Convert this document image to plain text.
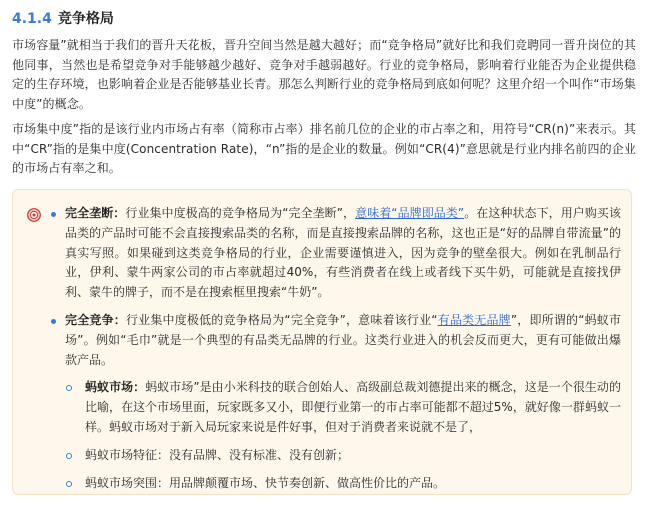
4.1.4 竞争格局

市场容量”就相当于我们的晋升天花板，晋升空间当然是越大越好；而“竞争格局”就好比和我们竞聘同一晋升岗位的其他同事，当然也是希望竞争对手能够越少越好、竞争对手越弱越好。行业的竞争格局，影响着行业能否为企业提供稳定的生存环境，也影响着企业是否能够基业长青。那怎么判断行业的竞争格局到底如何呢？这里介绍一个叫作“市场集中度”的概念。

市场集中度”指的是该行业内市场占有率（简称市占率）排名前几位的企业的市占率之和，用符号“CR(n)”来表示。其中“CR”指的是集中度(Concentration Rate)，“n”指的是企业的数量。例如“CR(4)”意思就是行业内排名前四的企业的市场占有率之和。

完全垄断：行业集中度极高的竞争格局为“完全垄断”，意味着“品牌即品类”。在这种状态下，用户购买该品类的产品时可能不会直接搜索品类的名称，而是直接搜索品牌的名称，这也正是“好的品牌自带流量”的真实写照。如果碰到这类竞争格局的行业，企业需要谨慎进入，因为竞争的壁垒很大。例如在乳制品行业，伊利、蒙牛两家公司的市占率就超过40%，有些消费者在线上或者线下买牛奶，可能就是直接找伊利、蒙牛的牌子，而不是在搜索框里搜索“牛奶”。
完全竞争：行业集中度极低的竞争格局为“完全竞争”，意味着该行业“有品类无品牌”，即所谓的“蚂蚁市场”。例如“毛巾”就是一个典型的有品类无品牌的行业。这类行业进入的机会反而更大，更有可能做出爆款产品。
蚂蚁市场：蚂蚁市场”是由小米科技的联合创始人、高级副总裁刘德提出来的概念，这是一个很生动的比喻，在这个市场里面，玩家既多又小，即便行业第一的市占率可能都不超过5%，就好像一群蚂蚁一样。蚂蚁市场对于新入局玩家来说是件好事，但对于消费者来说就不是了，
蚂蚁市场特征：没有品牌、没有标准、没有创新；
蚂蚁市场突围：用品牌颠覆市场、快节奏创新、做高性价比的产品。
